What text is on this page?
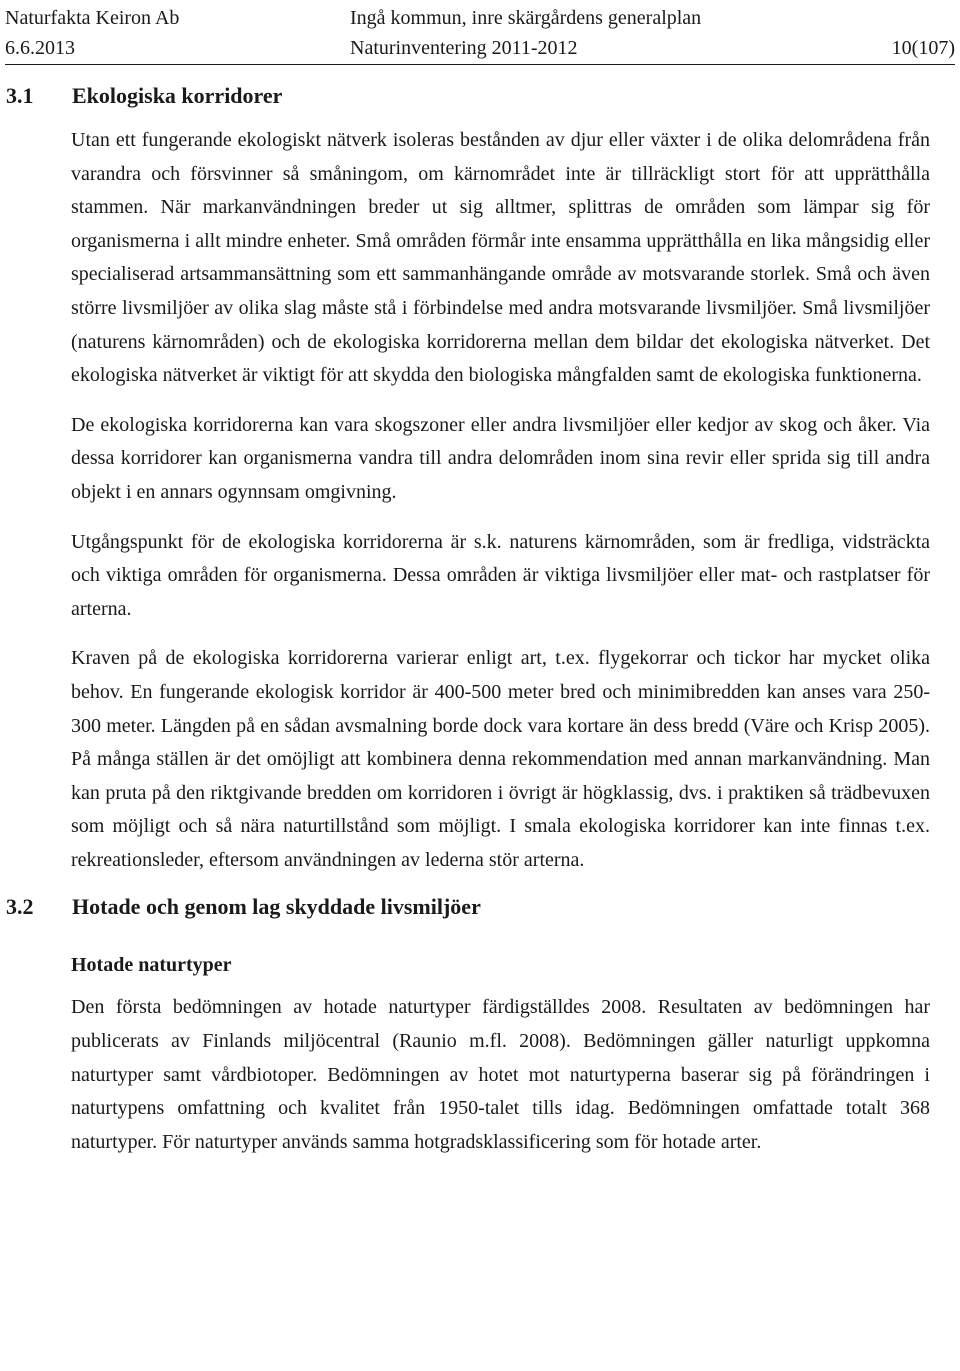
Naturfakta Keiron Ab
6.6.2013
Ingå kommun, inre skärgårdens generalplan
Naturinventering 2011-2012	10(107)
3.1 Ekologiska korridorer

Utan ett fungerande ekologiskt nätverk isoleras bestånden av djur eller växter i de olika delområdena från varandra och försvinner så småningom, om kärnområdet inte är tillräckligt stort för att upprätthålla stammen. När markanvändningen breder ut sig alltmer, splittras de områden som lämpar sig för organismerna i allt mindre enheter. Små områden förmår inte ensamma upprätthålla en lika mångsidig eller specialiserad artsammansättning som ett sammanhängande område av motsvarande storlek. Små och även större livsmiljöer av olika slag måste stå i förbindelse med andra motsvarande livsmiljöer. Små livsmiljöer (naturens kärnområden) och de ekologiska korridorerna mellan dem bildar det ekologiska nätverket. Det ekologiska nätverket är viktigt för att skydda den biologiska mångfalden samt de ekologiska funktionerna.

De ekologiska korridorerna kan vara skogszoner eller andra livsmiljöer eller kedjor av skog och åker. Via dessa korridorer kan organismerna vandra till andra delområden inom sina revir eller sprida sig till andra objekt i en annars ogynnsam omgivning.

Utgångspunkt för de ekologiska korridorerna är s.k. naturens kärnområden, som är fredliga, vidsträckta och viktiga områden för organismerna. Dessa områden är viktiga livsmiljöer eller mat- och rastplatser för arterna.

Kraven på de ekologiska korridorerna varierar enligt art, t.ex. flygekorrar och tickor har mycket olika behov. En fungerande ekologisk korridor är 400-500 meter bred och minimibredden kan anses vara 250-300 meter. Längden på en sådan avsmalning borde dock vara kortare än dess bredd (Väre och Krisp 2005). På många ställen är det omöjligt att kombinera denna rekommendation med annan markanvändning. Man kan pruta på den riktgivande bredden om korridoren i övrigt är högklassig, dvs. i praktiken så trädbevuxen som möjligt och så nära naturtillstånd som möjligt. I smala ekologiska korridorer kan inte finnas t.ex. rekreationsleder, eftersom användningen av lederna stör arterna.

3.2 Hotade och genom lag skyddade livsmiljöer
Hotade naturtyper

Den första bedömningen av hotade naturtyper färdigställdes 2008. Resultaten av bedömningen har publicerats av Finlands miljöcentral (Raunio m.fl. 2008). Bedömningen gäller naturligt uppkomna naturtyper samt vårdbiotoper. Bedömningen av hotet mot naturtyperna baserar sig på förändringen i naturtypens omfattning och kvalitet från 1950-talet tills idag. Bedömningen omfattade totalt 368 naturtyper. För naturtyper används samma hotgradsklassificering som för hotade arter.
